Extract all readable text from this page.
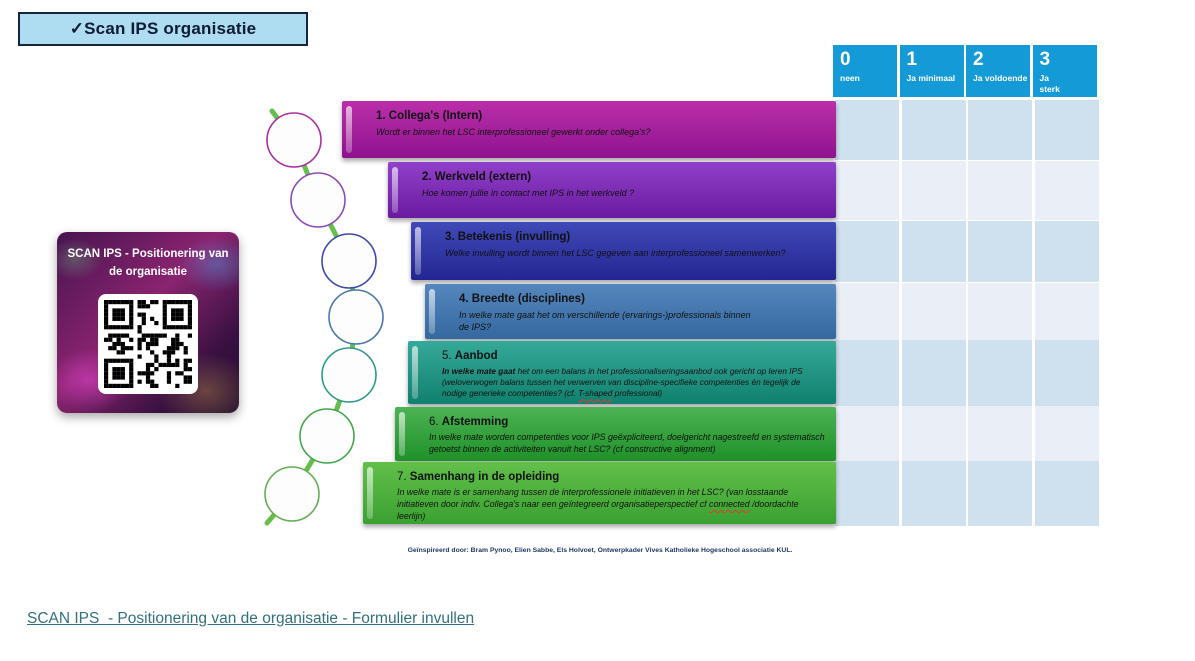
✓Scan IPS organisatie
SCAN IPS - Positionering van de organisatie
0
neen
1
Ja minimaal
2
Ja voldoende
3
Ja
sterk
1. Collega's (Intern)
Wordt er binnen het LSC interprofessioneel gewerkt onder collega's?
2. Werkveld (extern)
Hoe komen jullie in contact met IPS in het werkveld ?
3. Betekenis (invulling)
Welke invulling wordt binnen het LSC gegeven aan interprofessioneel samenwerken?
4. Breedte (disciplines)
In welke mate gaat het om verschillende (ervarings-)professionals binnen
de IPS?
5. Aanbod
In welke mate gaat het om een balans in het professionaliseringsaanbod ook gericht op leren IPS (weloverwogen balans tussen het verwerven van discipline-specifieke competenties én tegelijk de nodige generieke competenties? (cf. T-shaped professional)
6. Afstemming
In welke mate worden competenties voor IPS geëxpliciteerd, doelgericht nagestreefd en systematisch getoetst binnen de activiteiten vanuit het LSC? (cf constructive alignment)
7. Samenhang in de opleiding
In welke mate is er samenhang tussen de interprofessionele initiatieven in het LSC? (van losstaande initiatieven door indiv. Collega's naar een geïntegreerd organisatieperspectief cf connected /doordachte leerlijn)
Geïnspireerd door: Bram Pynoo, Elien Sabbe, Els Holvoet, Ontwerpkader Vives Katholieke Hogeschool associatie KUL.
SCAN IPS  - Positionering van de organisatie - Formulier invullen
